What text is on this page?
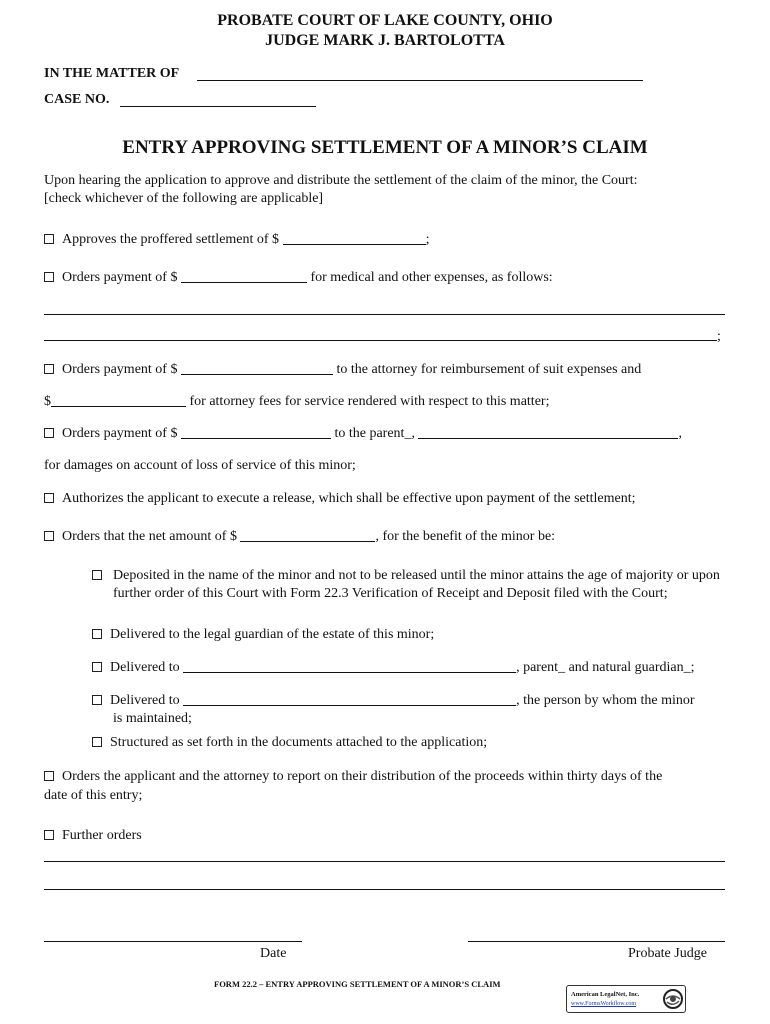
PROBATE COURT OF LAKE COUNTY, OHIO
JUDGE MARK J. BARTOLOTTA
IN THE MATTER OF
CASE NO.
ENTRY APPROVING SETTLEMENT OF A MINOR’S CLAIM
Upon hearing the application to approve and distribute the settlement of the claim of the minor, the Court:
[check whichever of the following are applicable]
Approves the proffered settlement of $	;
Orders payment of $	for medical and other expenses, as follows:
;
Orders payment of $	to the attorney for reimbursement of suit expenses and
$	for attorney fees for service rendered with respect to this matter;
Orders payment of $	to the parent_,	,
for damages on account of loss of service of this minor;
Authorizes the applicant to execute a release, which shall be effective upon payment of the settlement;
Orders that the net amount of $	, for the benefit of the minor be:
Deposited in the name of the minor and not to be released until the minor attains the age of majority or upon further order of this Court with Form 22.3 Verification of Receipt and Deposit filed with the Court;
Delivered to the legal guardian of the estate of this minor;
Delivered to	, parent_ and natural guardian_;
Delivered to	, the person by whom the minor
is maintained;
Structured as set forth in the documents attached to the application;
Orders the applicant and the attorney to report on their distribution of the proceeds within thirty days of the
date of this entry;
Further orders
Date	Probate Judge
FORM 22.2 – ENTRY APPROVING SETTLEMENT OF A MINOR’S CLAIM
American LegalNet, Inc.
www.FormsWorkflow.com
